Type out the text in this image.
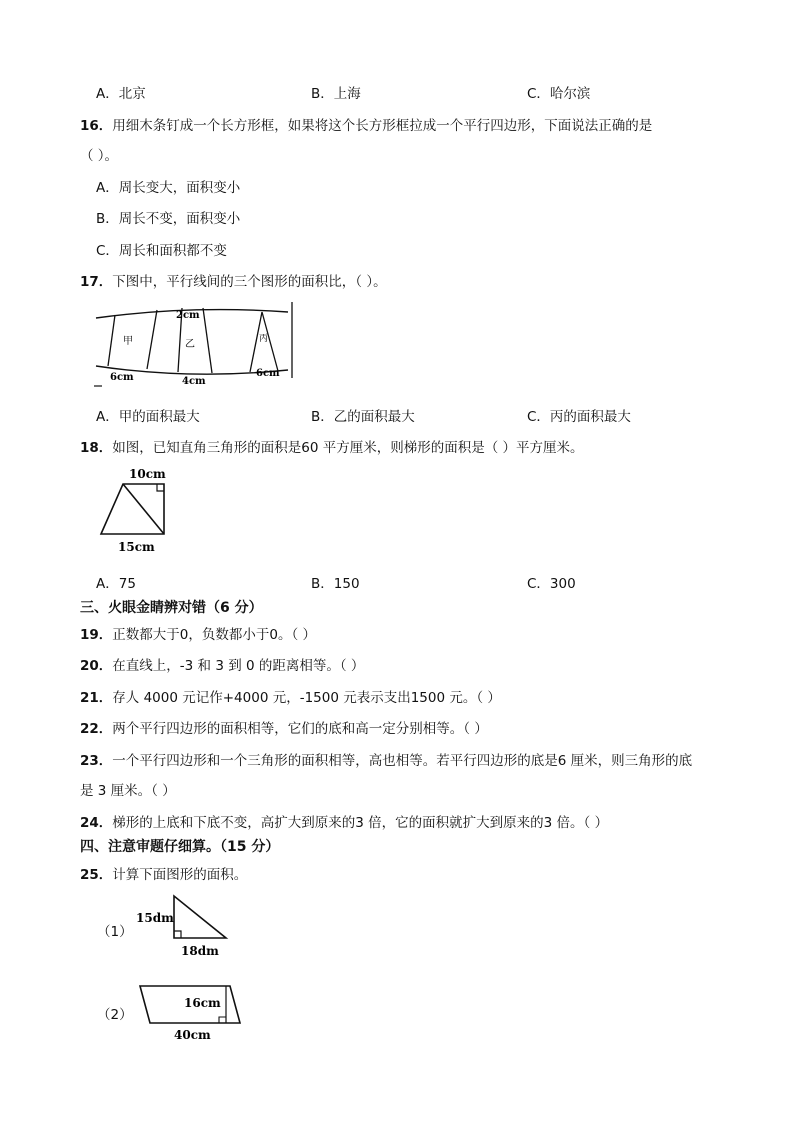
A．北京	B．上海	C．哈尔滨
16．用细木条钉成一个长方形框，如果将这个长方形框拉成一个平行四边形，下面说法正确的是
（ ）。
A．周长变大，面积变小
B．周长不变，面积变小
C．周长和面积都不变
17．下图中，平行线间的三个图形的面积比，（ ）。
2cm
甲	乙	丙
6cm	4cm
6cm
A．甲的面积最大	B．乙的面积最大	C．丙的面积最大
18．如图，已知直角三角形的面积是60 平方厘米，则梯形的面积是（ ）平方厘米。
10cm
15cm
A．75	B．150	C．300
三、火眼金睛辨对错（6 分）
19．正数都大于0，负数都小于0。（ ）
20．在直线上，-3 和 3 到 0 的距离相等。（ ）
21．存人 4000 元记作+4000 元，-1500 元表示支出1500 元。（ ）
22．两个平行四边形的面积相等，它们的底和高一定分别相等。（ ）
23．一个平行四边形和一个三角形的面积相等，高也相等。若平行四边形的底是6 厘米，则三角形的底
是 3 厘米。（ ）
24．梯形的上底和下底不变，高扩大到原来的3 倍，它的面积就扩大到原来的3 倍。（ ）
四、注意审题仔细算。（15 分）
25．计算下面图形的面积。
（1）
15dm
18dm
（2）
16cm
40cm
